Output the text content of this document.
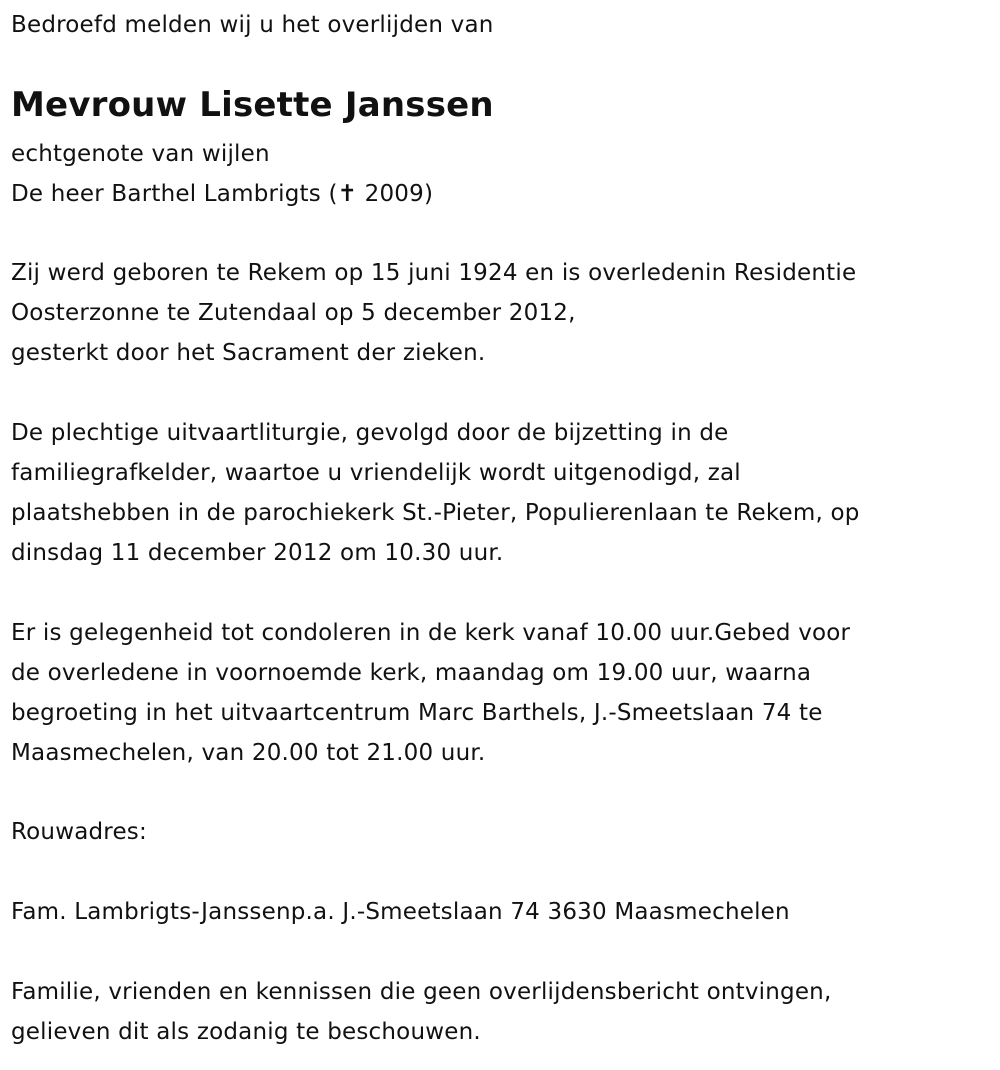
Bedroefd melden wij u het overlijden van
Mevrouw Lisette Janssen
echtgenote van wijlen
De heer Barthel Lambrigts (✝ 2009)
Zij werd geboren te Rekem op 15 juni 1924 en is overledenin Residentie
Oosterzonne te Zutendaal op 5 december 2012,
gesterkt door het Sacrament der zieken.
De plechtige uitvaartliturgie, gevolgd door de bijzetting in de
familiegrafkelder, waartoe u vriendelijk wordt uitgenodigd, zal
plaatshebben in de parochiekerk St.-Pieter, Populierenlaan te Rekem, op
dinsdag 11 december 2012 om 10.30 uur.
Er is gelegenheid tot condoleren in de kerk vanaf 10.00 uur.Gebed voor
de overledene in voornoemde kerk, maandag om 19.00 uur, waarna
begroeting in het uitvaartcentrum Marc Barthels, J.-Smeetslaan 74 te
Maasmechelen, van 20.00 tot 21.00 uur.
Rouwadres:
Fam. Lambrigts-Janssenp.a. J.-Smeetslaan 74 3630 Maasmechelen
Familie, vrienden en kennissen die geen overlijdensbericht ontvingen,
gelieven dit als zodanig te beschouwen.
